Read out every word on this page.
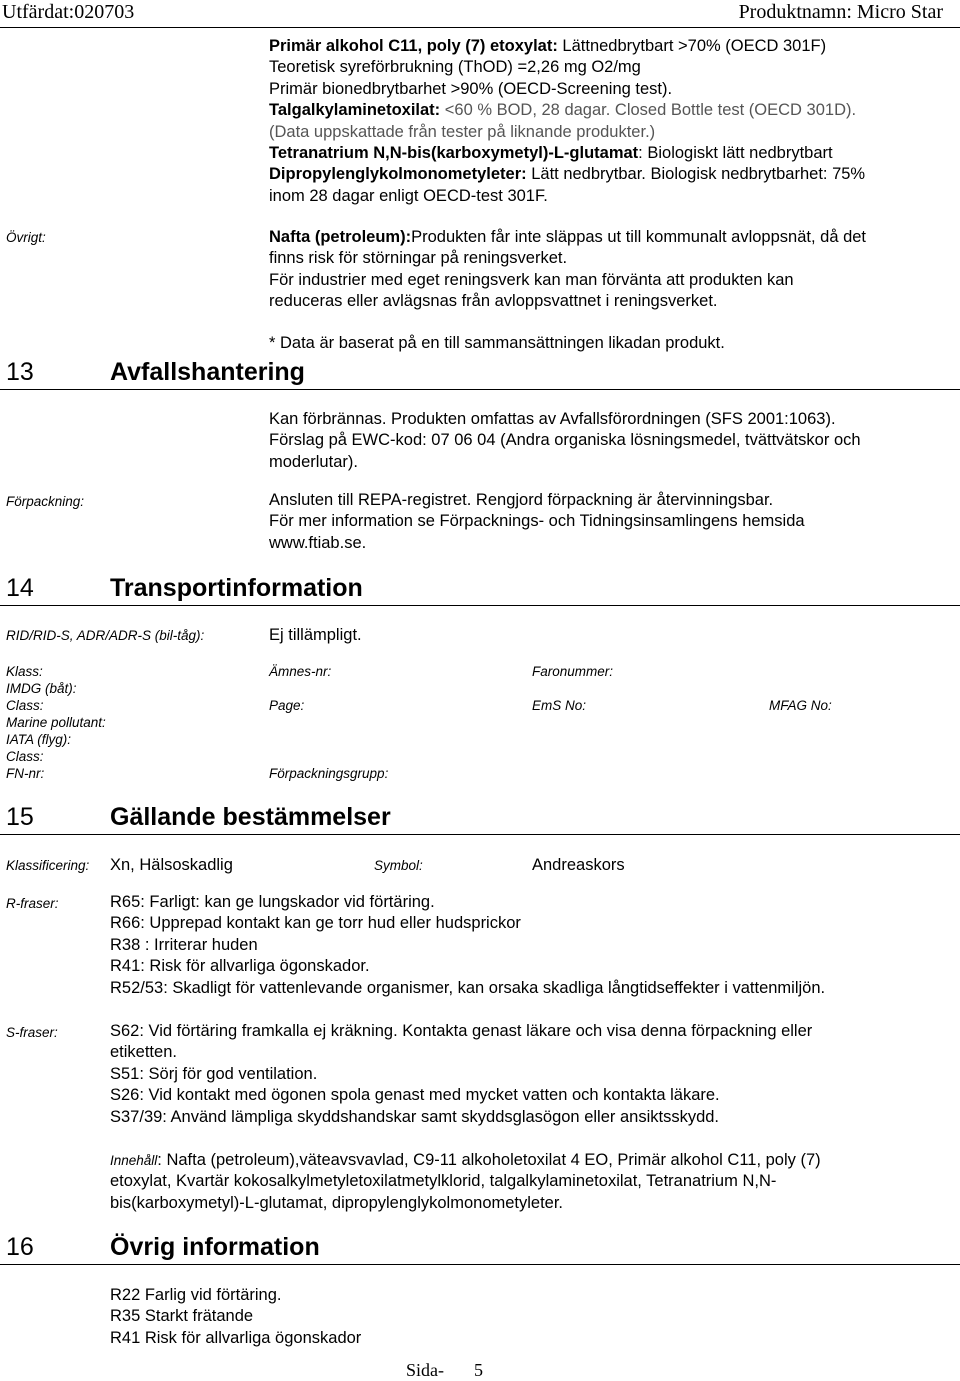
Utfärdat:020703	Produktnamn: Micro Star
Primär alkohol C11, poly (7) etoxylat: Lättnedbrytbart >70% (OECD 301F)
Teoretisk syreförbrukning (ThOD) =2,26 mg O2/mg
Primär bionedbrytbarhet >90% (OECD-Screening test).
Talgalkylaminetoxilat: <60 % BOD, 28 dagar. Closed Bottle test (OECD 301D).
(Data uppskattade från tester på liknande produkter.)
Tetranatrium N,N-bis(karboxymetyl)-L-glutamat: Biologiskt lätt nedbrytbart
Dipropylenglykolmonometyleter: Lätt nedbrytbar. Biologisk nedbrytbarhet: 75%
inom 28 dagar enligt OECD-test 301F.
Övrigt:	Nafta (petroleum):Produkten får inte släppas ut till kommunalt avloppsnät, då det
finns risk för störningar på reningsverket.
För industrier med eget reningsverk kan man förvänta att produkten kan
reduceras eller avlägsnas från avloppsvattnet i reningsverket.
* Data är baserat på en till sammansättningen likadan produkt.
13	Avfallshantering
Kan förbrännas. Produkten omfattas av Avfallsförordningen (SFS 2001:1063).
Förslag på EWC-kod: 07 06 04 (Andra organiska lösningsmedel, tvättvätskor och
moderlutar).
Förpackning:	Ansluten till REPA-registret. Rengjord förpackning är återvinningsbar.
För mer information se Förpacknings- och Tidningsinsamlingens hemsida
www.ftiab.se.
14	Transportinformation
RID/RID-S, ADR/ADR-S (bil-tåg):	Ej tillämpligt.
Klass:	Ämnes-nr:	Faronummer:
IMDG (båt):
Class:	Page:	EmS No:	MFAG No:
Marine pollutant:
IATA (flyg):
Class:
FN-nr:	Förpackningsgrupp:
15	Gällande bestämmelser
Klassificering: Xn, Hälsoskadlig	Symbol:	Andreaskors
R-fraser:	R65: Farligt: kan ge lungskador vid förtäring.
R66: Upprepad kontakt kan ge torr hud eller hudsprickor
R38 : Irriterar huden
R41: Risk för allvarliga ögonskador.
R52/53: Skadligt för vattenlevande organismer, kan orsaka skadliga långtidseffekter i vattenmiljön.
S-fraser:	S62: Vid förtäring framkalla ej kräkning. Kontakta genast läkare och visa denna förpackning eller
etiketten.
S51: Sörj för god ventilation.
S26: Vid kontakt med ögonen spola genast med mycket vatten och kontakta läkare.
S37/39: Använd lämpliga skyddshandskar samt skyddsglasögon eller ansiktsskydd.
Innehåll: Nafta (petroleum),väteavsvavlad, C9-11 alkoholetoxilat 4 EO, Primär alkohol C11, poly (7)
etoxylat, Kvartär kokosalkylmetyletoxilatmetylklorid, talgalkylaminetoxilat, Tetranatrium N,N-
bis(karboxymetyl)-L-glutamat, dipropylenglykolmonometyleter.
16	Övrig information
R22 Farlig vid förtäring.
R35 Starkt frätande
R41 Risk för allvarliga ögonskador
Sida- 5
